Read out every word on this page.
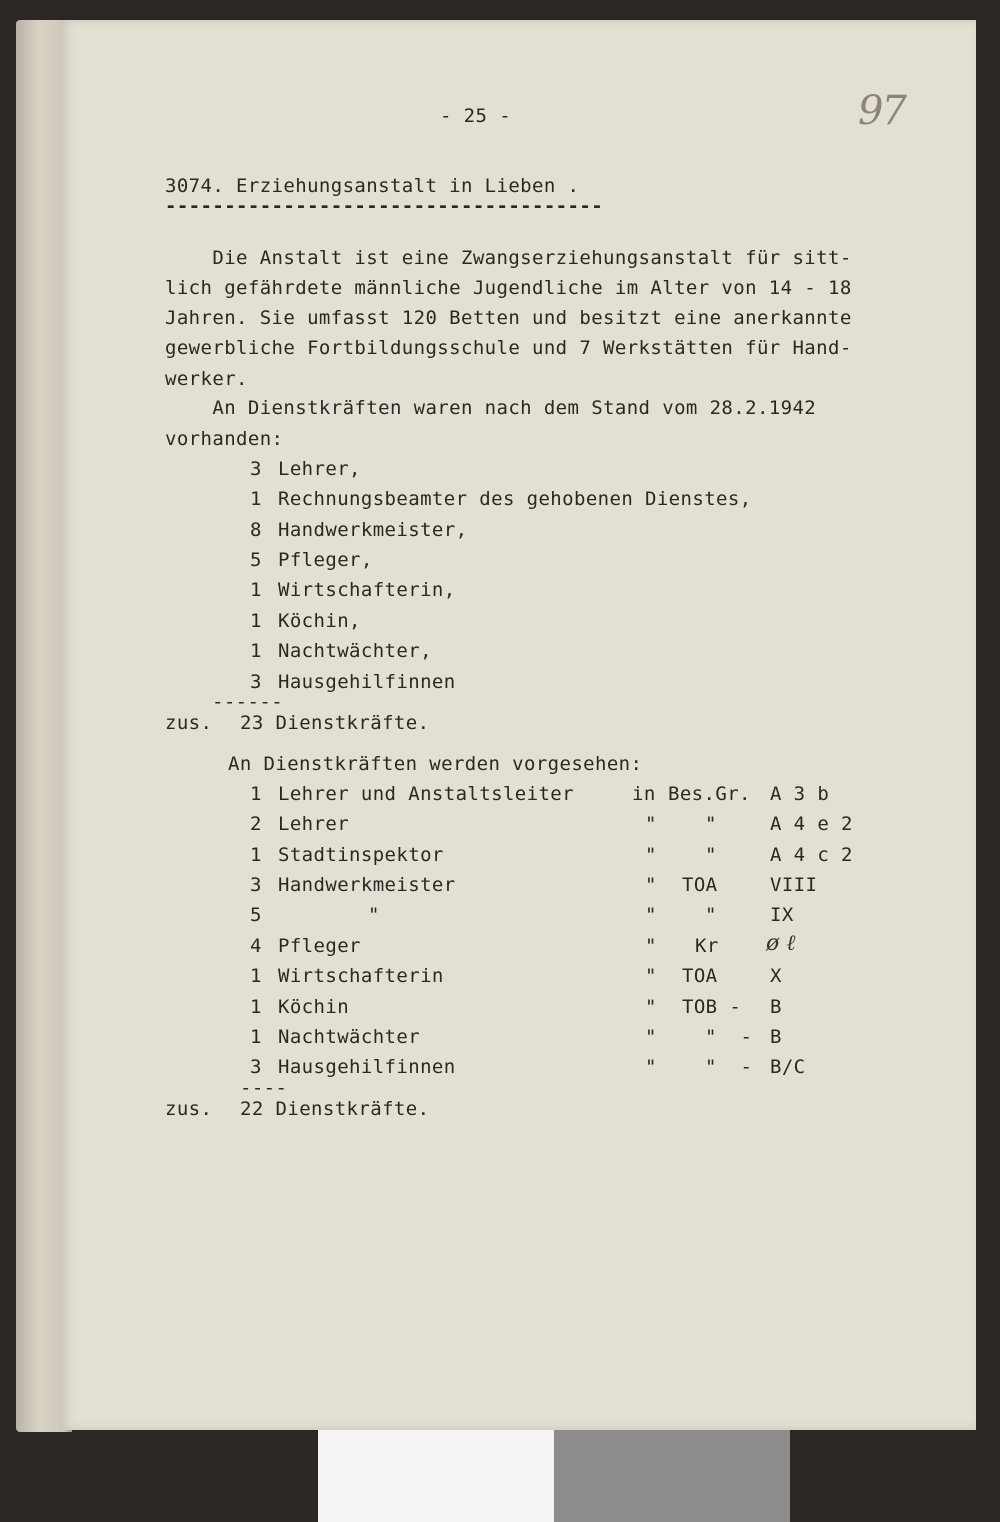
- 25 -	97
3074. Erziehungsanstalt in Lieben .
-------------------------------------
Die Anstalt ist eine Zwangserziehungsanstalt für sitt-
lich gefährdete männliche Jugendliche im Alter von 14 - 18
Jahren. Sie umfasst 120 Betten und besitzt eine anerkannte
gewerbliche Fortbildungsschule und 7 Werkstätten für Hand-
werker.
An Dienstkräften waren nach dem Stand vom 28.2.1942
vorhanden:
3 Lehrer,
1 Rechnungsbeamter des gehobenen Dienstes,
8 Handwerkmeister,
5 Pfleger,
1 Wirtschafterin,
1 Köchin,
1 Nachtwächter,
3 Hausgehilfinnen
------
zus. 23 Dienstkräfte.
An Dienstkräften werden vorgesehen:
1 Lehrer und Anstaltsleiter	in Bes.Gr. A 3 b
2 Lehrer	"	"	A 4 e 2
1 Stadtinspektor	"	"	A 4 c 2
3 Handwerkmeister	" TOA	VIII
5	"	"	"	IX
4 Pfleger	" Kr ø ℓ
1 Wirtschafterin	" TOA	X
1 Köchin	" TOB - B
1 Nachtwächter	"	"  - B
3 Hausgehilfinnen	"	"  - B/C
----
zus. 22 Dienstkräfte.
